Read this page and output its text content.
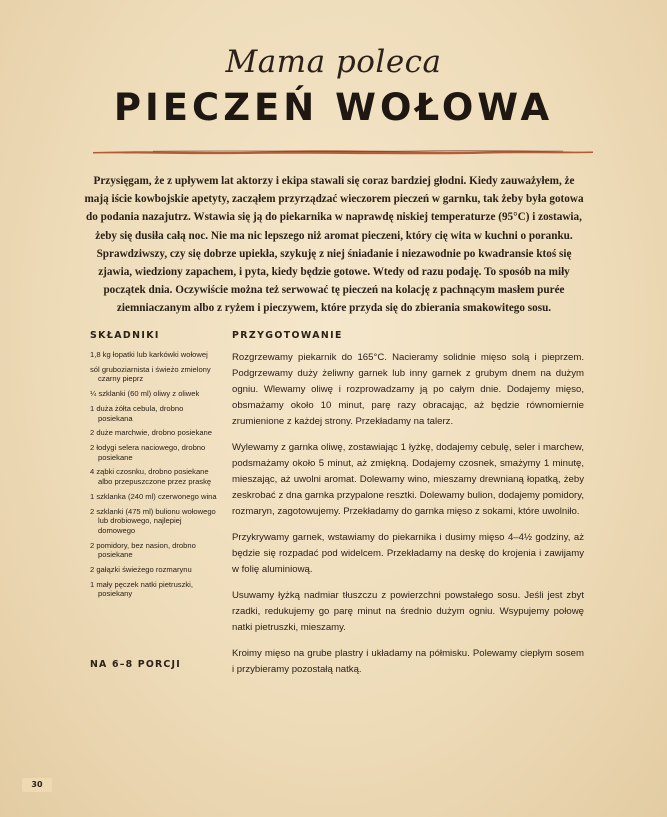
Mama poleca
PIECZEŃ WOŁOWA

Przysięgam, że z upływem lat aktorzy i ekipa stawali się coraz bardziej głodni. Kiedy zauważyłem, że mają iście kowbojskie apetyty, zacząłem przyrządzać wieczorem pieczeń w garnku, tak żeby była gotowa do podania nazajutrz. Wstawia się ją do piekarnika w naprawdę niskiej temperaturze (95°C) i zostawia, żeby się dusiła całą noc. Nie ma nic lepszego niż aromat pieczeni, który cię wita w kuchni o poranku. Sprawdziwszy, czy się dobrze upiekła, szykuję z niej śniadanie i niezawodnie po kwadransie ktoś się zjawia, wiedziony zapachem, i pyta, kiedy będzie gotowe. Wtedy od razu podaję. To sposób na miły początek dnia. Oczywiście można też serwować tę pieczeń na kolację z pachnącym masłem purée ziemniaczanym albo z ryżem i pieczywem, które przyda się do zbierania smakowitego sosu.

SKŁADNIKI
1,8 kg łopatki lub karkówki wołowej
sól gruboziarnista i świeżo zmielony czarny pieprz
¼ szklanki (60 ml) oliwy z oliwek
1 duża żółta cebula, drobno posiekana
2 duże marchwie, drobno posiekane
2 łodygi selera naciowego, drobno posiekane
4 ząbki czosnku, drobno posiekane albo przepuszczone przez praskę
1 szklanka (240 ml) czerwonego wina
2 szklanki (475 ml) bulionu wołowego lub drobiowego, najlepiej domowego
2 pomidory, bez nasion, drobno posiekane
2 gałązki świeżego rozmarynu
1 mały pęczek natki pietruszki, posiekany
NA 6–8 PORCJI
PRZYGOTOWANIE

Rozgrzewamy piekarnik do 165°C. Nacieramy solidnie mięso solą i pieprzem. Podgrzewamy duży żeliwny garnek lub inny garnek z grubym dnem na dużym ogniu. Wlewamy oliwę i rozprowadzamy ją po całym dnie. Dodajemy mięso, obsmażamy około 10 minut, parę razy obracając, aż będzie równomiernie zrumienione z każdej strony. Przekładamy na talerz.

Wylewamy z garnka oliwę, zostawiając 1 łyżkę, dodajemy cebulę, seler i marchew, podsmażamy około 5 minut, aż zmiękną. Dodajemy czosnek, smażymy 1 minutę, mieszając, aż uwolni aromat. Dolewamy wino, mieszamy drewnianą łopatką, żeby zeskrobać z dna garnka przypalone resztki. Dolewamy bulion, dodajemy pomidory, rozmaryn, zagotowujemy. Przekładamy do garnka mięso z sokami, które uwolniło.

Przykrywamy garnek, wstawiamy do piekarnika i dusimy mięso 4–4½ godziny, aż będzie się rozpadać pod widelcem. Przekładamy na deskę do krojenia i zawijamy w folię aluminiową.

Usuwamy łyżką nadmiar tłuszczu z powierzchni powstałego sosu. Jeśli jest zbyt rzadki, redukujemy go parę minut na średnio dużym ogniu. Wsypujemy połowę natki pietruszki, mieszamy.

Kroimy mięso na grube plastry i układamy na półmisku. Polewamy ciepłym sosem i przybieramy pozostałą natką.

30
